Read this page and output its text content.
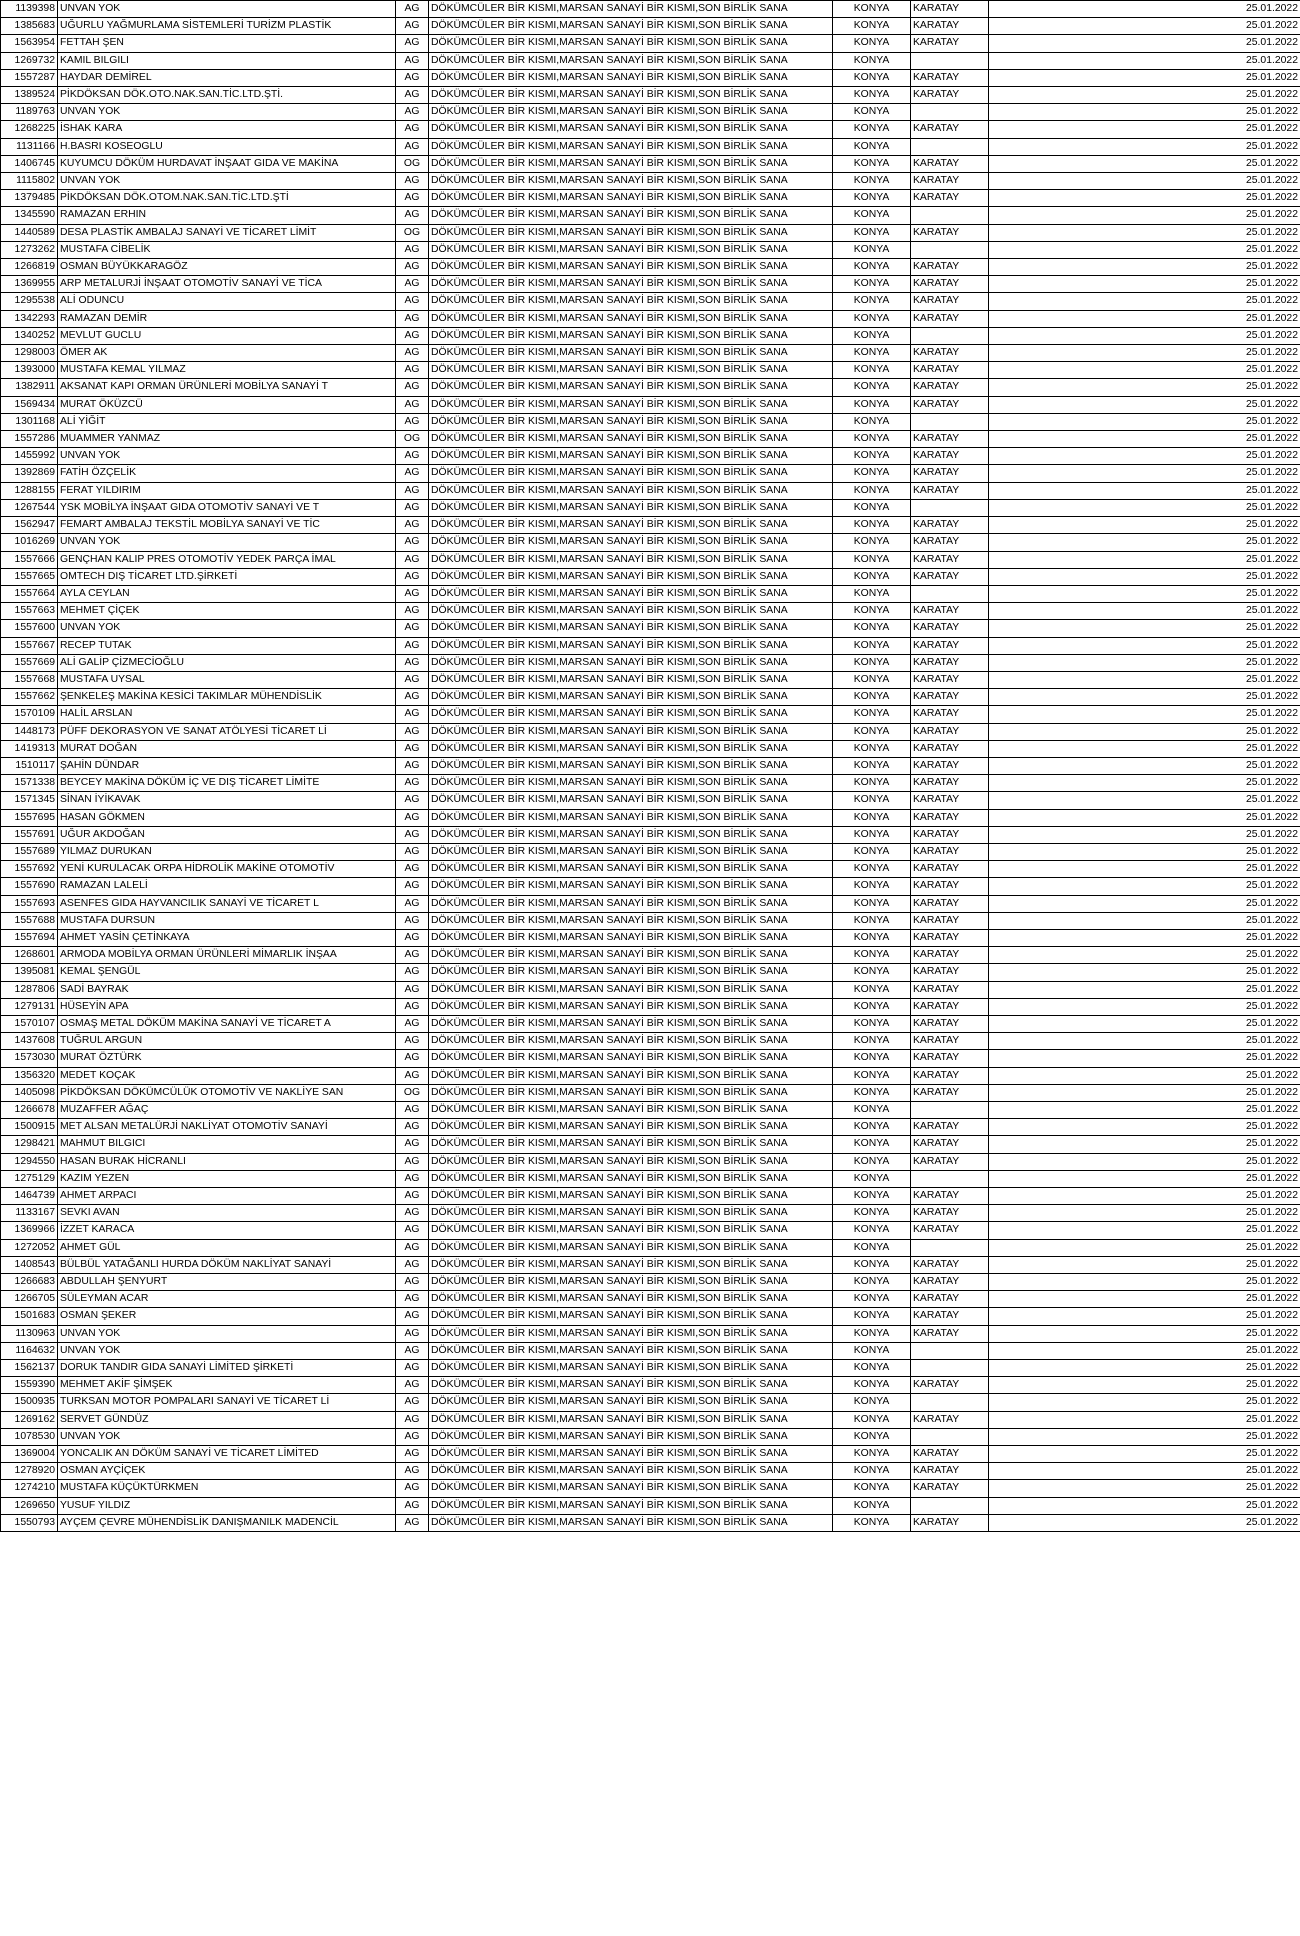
1139398	UNVAN YOK	AG	DÖKÜMCÜLER BİR KISMI,MARSAN SANAYİ BİR KISMI,SON BİRLİK SANA	KONYA	KARATAY	25.01.2022
1385683	UĞURLU YAĞMURLAMA SİSTEMLERİ TURİZM PLASTİK	AG	DÖKÜMCÜLER BİR KISMI,MARSAN SANAYİ BİR KISMI,SON BİRLİK SANA	KONYA	KARATAY	25.01.2022
1563954	FETTAH ŞEN	AG	DÖKÜMCÜLER BİR KISMI,MARSAN SANAYİ BİR KISMI,SON BİRLİK SANA	KONYA	KARATAY	25.01.2022
1269732	KAMIL BILGILI	AG	DÖKÜMCÜLER BİR KISMI,MARSAN SANAYİ BİR KISMI,SON BİRLİK SANA	KONYA		25.01.2022
1557287	HAYDAR DEMİREL	AG	DÖKÜMCÜLER BİR KISMI,MARSAN SANAYİ BİR KISMI,SON BİRLİK SANA	KONYA	KARATAY	25.01.2022
1389524	PİKDÖKSAN DÖK.OTO.NAK.SAN.TİC.LTD.ŞTİ.	AG	DÖKÜMCÜLER BİR KISMI,MARSAN SANAYİ BİR KISMI,SON BİRLİK SANA	KONYA	KARATAY	25.01.2022
1189763	UNVAN YOK	AG	DÖKÜMCÜLER BİR KISMI,MARSAN SANAYİ BİR KISMI,SON BİRLİK SANA	KONYA		25.01.2022
1268225	İSHAK KARA	AG	DÖKÜMCÜLER BİR KISMI,MARSAN SANAYİ BİR KISMI,SON BİRLİK SANA	KONYA	KARATAY	25.01.2022
1131166	H.BASRI KOSEOGLU	AG	DÖKÜMCÜLER BİR KISMI,MARSAN SANAYİ BİR KISMI,SON BİRLİK SANA	KONYA		25.01.2022
1406745	KUYUMCU DÖKÜM HURDAVAT İNŞAAT GIDA VE MAKİNA	OG	DÖKÜMCÜLER BİR KISMI,MARSAN SANAYİ BİR KISMI,SON BİRLİK SANA	KONYA	KARATAY	25.01.2022
1115802	UNVAN YOK	AG	DÖKÜMCÜLER BİR KISMI,MARSAN SANAYİ BİR KISMI,SON BİRLİK SANA	KONYA	KARATAY	25.01.2022
1379485	PİKDÖKSAN DÖK.OTOM.NAK.SAN.TİC.LTD.ŞTİ	AG	DÖKÜMCÜLER BİR KISMI,MARSAN SANAYİ BİR KISMI,SON BİRLİK SANA	KONYA	KARATAY	25.01.2022
1345590	RAMAZAN ERHIN	AG	DÖKÜMCÜLER BİR KISMI,MARSAN SANAYİ BİR KISMI,SON BİRLİK SANA	KONYA		25.01.2022
1440589	DESA PLASTİK AMBALAJ SANAYİ VE TİCARET LİMİT	OG	DÖKÜMCÜLER BİR KISMI,MARSAN SANAYİ BİR KISMI,SON BİRLİK SANA	KONYA	KARATAY	25.01.2022
1273262	MUSTAFA CİBELİK	AG	DÖKÜMCÜLER BİR KISMI,MARSAN SANAYİ BİR KISMI,SON BİRLİK SANA	KONYA		25.01.2022
1266819	OSMAN BÜYÜKKARAGÖZ	AG	DÖKÜMCÜLER BİR KISMI,MARSAN SANAYİ BİR KISMI,SON BİRLİK SANA	KONYA	KARATAY	25.01.2022
1369955	ARP METALURJİ İNŞAAT OTOMOTİV SANAYİ VE TİCA	AG	DÖKÜMCÜLER BİR KISMI,MARSAN SANAYİ BİR KISMI,SON BİRLİK SANA	KONYA	KARATAY	25.01.2022
1295538	ALİ ODUNCU	AG	DÖKÜMCÜLER BİR KISMI,MARSAN SANAYİ BİR KISMI,SON BİRLİK SANA	KONYA	KARATAY	25.01.2022
1342293	RAMAZAN DEMİR	AG	DÖKÜMCÜLER BİR KISMI,MARSAN SANAYİ BİR KISMI,SON BİRLİK SANA	KONYA	KARATAY	25.01.2022
1340252	MEVLUT GUCLU	AG	DÖKÜMCÜLER BİR KISMI,MARSAN SANAYİ BİR KISMI,SON BİRLİK SANA	KONYA		25.01.2022
1298003	ÖMER AK	AG	DÖKÜMCÜLER BİR KISMI,MARSAN SANAYİ BİR KISMI,SON BİRLİK SANA	KONYA	KARATAY	25.01.2022
1393000	MUSTAFA KEMAL YILMAZ	AG	DÖKÜMCÜLER BİR KISMI,MARSAN SANAYİ BİR KISMI,SON BİRLİK SANA	KONYA	KARATAY	25.01.2022
1382911	AKSANAT KAPI ORMAN ÜRÜNLERİ MOBİLYA SANAYİ T	AG	DÖKÜMCÜLER BİR KISMI,MARSAN SANAYİ BİR KISMI,SON BİRLİK SANA	KONYA	KARATAY	25.01.2022
1569434	MURAT ÖKÜZCÜ	AG	DÖKÜMCÜLER BİR KISMI,MARSAN SANAYİ BİR KISMI,SON BİRLİK SANA	KONYA	KARATAY	25.01.2022
1301168	ALİ YİĞİT	AG	DÖKÜMCÜLER BİR KISMI,MARSAN SANAYİ BİR KISMI,SON BİRLİK SANA	KONYA		25.01.2022
1557286	MUAMMER YANMAZ	OG	DÖKÜMCÜLER BİR KISMI,MARSAN SANAYİ BİR KISMI,SON BİRLİK SANA	KONYA	KARATAY	25.01.2022
1455992	UNVAN YOK	AG	DÖKÜMCÜLER BİR KISMI,MARSAN SANAYİ BİR KISMI,SON BİRLİK SANA	KONYA	KARATAY	25.01.2022
1392869	FATİH ÖZÇELİK	AG	DÖKÜMCÜLER BİR KISMI,MARSAN SANAYİ BİR KISMI,SON BİRLİK SANA	KONYA	KARATAY	25.01.2022
1288155	FERAT YILDIRIM	AG	DÖKÜMCÜLER BİR KISMI,MARSAN SANAYİ BİR KISMI,SON BİRLİK SANA	KONYA	KARATAY	25.01.2022
1267544	YSK MOBİLYA İNŞAAT GIDA OTOMOTİV SANAYİ VE T	AG	DÖKÜMCÜLER BİR KISMI,MARSAN SANAYİ BİR KISMI,SON BİRLİK SANA	KONYA		25.01.2022
1562947	FEMART AMBALAJ TEKSTİL MOBİLYA SANAYİ VE TİC	AG	DÖKÜMCÜLER BİR KISMI,MARSAN SANAYİ BİR KISMI,SON BİRLİK SANA	KONYA	KARATAY	25.01.2022
1016269	UNVAN YOK	AG	DÖKÜMCÜLER BİR KISMI,MARSAN SANAYİ BİR KISMI,SON BİRLİK SANA	KONYA	KARATAY	25.01.2022
1557666	GENÇHAN KALIP PRES OTOMOTİV YEDEK PARÇA İMAL	AG	DÖKÜMCÜLER BİR KISMI,MARSAN SANAYİ BİR KISMI,SON BİRLİK SANA	KONYA	KARATAY	25.01.2022
1557665	OMTECH DIŞ TİCARET LTD.ŞİRKETİ	AG	DÖKÜMCÜLER BİR KISMI,MARSAN SANAYİ BİR KISMI,SON BİRLİK SANA	KONYA	KARATAY	25.01.2022
1557664	AYLA CEYLAN	AG	DÖKÜMCÜLER BİR KISMI,MARSAN SANAYİ BİR KISMI,SON BİRLİK SANA	KONYA		25.01.2022
1557663	MEHMET ÇİÇEK	AG	DÖKÜMCÜLER BİR KISMI,MARSAN SANAYİ BİR KISMI,SON BİRLİK SANA	KONYA	KARATAY	25.01.2022
1557600	UNVAN YOK	AG	DÖKÜMCÜLER BİR KISMI,MARSAN SANAYİ BİR KISMI,SON BİRLİK SANA	KONYA	KARATAY	25.01.2022
1557667	RECEP TUTAK	AG	DÖKÜMCÜLER BİR KISMI,MARSAN SANAYİ BİR KISMI,SON BİRLİK SANA	KONYA	KARATAY	25.01.2022
1557669	ALİ GALİP ÇİZMECİOĞLU	AG	DÖKÜMCÜLER BİR KISMI,MARSAN SANAYİ BİR KISMI,SON BİRLİK SANA	KONYA	KARATAY	25.01.2022
1557668	MUSTAFA UYSAL	AG	DÖKÜMCÜLER BİR KISMI,MARSAN SANAYİ BİR KISMI,SON BİRLİK SANA	KONYA	KARATAY	25.01.2022
1557662	ŞENKELEŞ MAKİNA KESİCİ TAKIMLAR MÜHENDİSLİK	AG	DÖKÜMCÜLER BİR KISMI,MARSAN SANAYİ BİR KISMI,SON BİRLİK SANA	KONYA	KARATAY	25.01.2022
1570109	HALİL ARSLAN	AG	DÖKÜMCÜLER BİR KISMI,MARSAN SANAYİ BİR KISMI,SON BİRLİK SANA	KONYA	KARATAY	25.01.2022
1448173	PÜFF DEKORASYON VE SANAT ATÖLYESİ TİCARET Lİ	AG	DÖKÜMCÜLER BİR KISMI,MARSAN SANAYİ BİR KISMI,SON BİRLİK SANA	KONYA	KARATAY	25.01.2022
1419313	MURAT DOĞAN	AG	DÖKÜMCÜLER BİR KISMI,MARSAN SANAYİ BİR KISMI,SON BİRLİK SANA	KONYA	KARATAY	25.01.2022
1510117	ŞAHİN DÜNDAR	AG	DÖKÜMCÜLER BİR KISMI,MARSAN SANAYİ BİR KISMI,SON BİRLİK SANA	KONYA	KARATAY	25.01.2022
1571338	BEYCEY MAKİNA DÖKÜM İÇ VE DIŞ TİCARET LİMİTE	AG	DÖKÜMCÜLER BİR KISMI,MARSAN SANAYİ BİR KISMI,SON BİRLİK SANA	KONYA	KARATAY	25.01.2022
1571345	SİNAN İYİKAVAK	AG	DÖKÜMCÜLER BİR KISMI,MARSAN SANAYİ BİR KISMI,SON BİRLİK SANA	KONYA	KARATAY	25.01.2022
1557695	HASAN GÖKMEN	AG	DÖKÜMCÜLER BİR KISMI,MARSAN SANAYİ BİR KISMI,SON BİRLİK SANA	KONYA	KARATAY	25.01.2022
1557691	UĞUR AKDOĞAN	AG	DÖKÜMCÜLER BİR KISMI,MARSAN SANAYİ BİR KISMI,SON BİRLİK SANA	KONYA	KARATAY	25.01.2022
1557689	YILMAZ DURUKAN	AG	DÖKÜMCÜLER BİR KISMI,MARSAN SANAYİ BİR KISMI,SON BİRLİK SANA	KONYA	KARATAY	25.01.2022
1557692	YENİ KURULACAK ORPA HİDROLİK MAKİNE OTOMOTİV	AG	DÖKÜMCÜLER BİR KISMI,MARSAN SANAYİ BİR KISMI,SON BİRLİK SANA	KONYA	KARATAY	25.01.2022
1557690	RAMAZAN LALELİ	AG	DÖKÜMCÜLER BİR KISMI,MARSAN SANAYİ BİR KISMI,SON BİRLİK SANA	KONYA	KARATAY	25.01.2022
1557693	ASENFES GIDA HAYVANCILIK SANAYİ VE TİCARET L	AG	DÖKÜMCÜLER BİR KISMI,MARSAN SANAYİ BİR KISMI,SON BİRLİK SANA	KONYA	KARATAY	25.01.2022
1557688	MUSTAFA DURSUN	AG	DÖKÜMCÜLER BİR KISMI,MARSAN SANAYİ BİR KISMI,SON BİRLİK SANA	KONYA	KARATAY	25.01.2022
1557694	AHMET YASİN ÇETİNKAYA	AG	DÖKÜMCÜLER BİR KISMI,MARSAN SANAYİ BİR KISMI,SON BİRLİK SANA	KONYA	KARATAY	25.01.2022
1268601	ARMODA MOBİLYA ORMAN ÜRÜNLERİ MİMARLIK İNŞAA	AG	DÖKÜMCÜLER BİR KISMI,MARSAN SANAYİ BİR KISMI,SON BİRLİK SANA	KONYA	KARATAY	25.01.2022
1395081	KEMAL ŞENGÜL	AG	DÖKÜMCÜLER BİR KISMI,MARSAN SANAYİ BİR KISMI,SON BİRLİK SANA	KONYA	KARATAY	25.01.2022
1287806	SADİ BAYRAK	AG	DÖKÜMCÜLER BİR KISMI,MARSAN SANAYİ BİR KISMI,SON BİRLİK SANA	KONYA	KARATAY	25.01.2022
1279131	HÜSEYİN APA	AG	DÖKÜMCÜLER BİR KISMI,MARSAN SANAYİ BİR KISMI,SON BİRLİK SANA	KONYA	KARATAY	25.01.2022
1570107	OSMAŞ METAL DÖKÜM MAKİNA SANAYİ VE TİCARET A	AG	DÖKÜMCÜLER BİR KISMI,MARSAN SANAYİ BİR KISMI,SON BİRLİK SANA	KONYA	KARATAY	25.01.2022
1437608	TUĞRUL ARGUN	AG	DÖKÜMCÜLER BİR KISMI,MARSAN SANAYİ BİR KISMI,SON BİRLİK SANA	KONYA	KARATAY	25.01.2022
1573030	MURAT ÖZTÜRK	AG	DÖKÜMCÜLER BİR KISMI,MARSAN SANAYİ BİR KISMI,SON BİRLİK SANA	KONYA	KARATAY	25.01.2022
1356320	MEDET KOÇAK	AG	DÖKÜMCÜLER BİR KISMI,MARSAN SANAYİ BİR KISMI,SON BİRLİK SANA	KONYA	KARATAY	25.01.2022
1405098	PİKDÖKSAN DÖKÜMCÜLÜK OTOMOTİV VE NAKLİYE SAN	OG	DÖKÜMCÜLER BİR KISMI,MARSAN SANAYİ BİR KISMI,SON BİRLİK SANA	KONYA	KARATAY	25.01.2022
1266678	MUZAFFER AĞAÇ	AG	DÖKÜMCÜLER BİR KISMI,MARSAN SANAYİ BİR KISMI,SON BİRLİK SANA	KONYA		25.01.2022
1500915	MET ALSAN METALÜRJİ NAKLİYAT OTOMOTİV SANAYİ	AG	DÖKÜMCÜLER BİR KISMI,MARSAN SANAYİ BİR KISMI,SON BİRLİK SANA	KONYA	KARATAY	25.01.2022
1298421	MAHMUT BILGICI	AG	DÖKÜMCÜLER BİR KISMI,MARSAN SANAYİ BİR KISMI,SON BİRLİK SANA	KONYA	KARATAY	25.01.2022
1294550	HASAN BURAK HİCRANLI	AG	DÖKÜMCÜLER BİR KISMI,MARSAN SANAYİ BİR KISMI,SON BİRLİK SANA	KONYA	KARATAY	25.01.2022
1275129	KAZIM YEZEN	AG	DÖKÜMCÜLER BİR KISMI,MARSAN SANAYİ BİR KISMI,SON BİRLİK SANA	KONYA		25.01.2022
1464739	AHMET ARPACI	AG	DÖKÜMCÜLER BİR KISMI,MARSAN SANAYİ BİR KISMI,SON BİRLİK SANA	KONYA	KARATAY	25.01.2022
1133167	SEVKI AVAN	AG	DÖKÜMCÜLER BİR KISMI,MARSAN SANAYİ BİR KISMI,SON BİRLİK SANA	KONYA	KARATAY	25.01.2022
1369966	İZZET KARACA	AG	DÖKÜMCÜLER BİR KISMI,MARSAN SANAYİ BİR KISMI,SON BİRLİK SANA	KONYA	KARATAY	25.01.2022
1272052	AHMET GÜL	AG	DÖKÜMCÜLER BİR KISMI,MARSAN SANAYİ BİR KISMI,SON BİRLİK SANA	KONYA		25.01.2022
1408543	BÜLBÜL YATAĞANLI HURDA DÖKÜM NAKLİYAT SANAYİ	AG	DÖKÜMCÜLER BİR KISMI,MARSAN SANAYİ BİR KISMI,SON BİRLİK SANA	KONYA	KARATAY	25.01.2022
1266683	ABDULLAH ŞENYURT	AG	DÖKÜMCÜLER BİR KISMI,MARSAN SANAYİ BİR KISMI,SON BİRLİK SANA	KONYA	KARATAY	25.01.2022
1266705	SÜLEYMAN ACAR	AG	DÖKÜMCÜLER BİR KISMI,MARSAN SANAYİ BİR KISMI,SON BİRLİK SANA	KONYA	KARATAY	25.01.2022
1501683	OSMAN ŞEKER	AG	DÖKÜMCÜLER BİR KISMI,MARSAN SANAYİ BİR KISMI,SON BİRLİK SANA	KONYA	KARATAY	25.01.2022
1130963	UNVAN YOK	AG	DÖKÜMCÜLER BİR KISMI,MARSAN SANAYİ BİR KISMI,SON BİRLİK SANA	KONYA	KARATAY	25.01.2022
1164632	UNVAN YOK	AG	DÖKÜMCÜLER BİR KISMI,MARSAN SANAYİ BİR KISMI,SON BİRLİK SANA	KONYA		25.01.2022
1562137	DORUK TANDIR GIDA SANAYİ LİMİTED ŞİRKETİ	AG	DÖKÜMCÜLER BİR KISMI,MARSAN SANAYİ BİR KISMI,SON BİRLİK SANA	KONYA		25.01.2022
1559390	MEHMET AKİF ŞİMŞEK	AG	DÖKÜMCÜLER BİR KISMI,MARSAN SANAYİ BİR KISMI,SON BİRLİK SANA	KONYA	KARATAY	25.01.2022
1500935	TURKSAN MOTOR POMPALARI SANAYİ VE TİCARET Lİ	AG	DÖKÜMCÜLER BİR KISMI,MARSAN SANAYİ BİR KISMI,SON BİRLİK SANA	KONYA		25.01.2022
1269162	SERVET GÜNDÜZ	AG	DÖKÜMCÜLER BİR KISMI,MARSAN SANAYİ BİR KISMI,SON BİRLİK SANA	KONYA	KARATAY	25.01.2022
1078530	UNVAN YOK	AG	DÖKÜMCÜLER BİR KISMI,MARSAN SANAYİ BİR KISMI,SON BİRLİK SANA	KONYA		25.01.2022
1369004	YONCALIK AN DÖKÜM SANAYİ VE TİCARET LİMİTED	AG	DÖKÜMCÜLER BİR KISMI,MARSAN SANAYİ BİR KISMI,SON BİRLİK SANA	KONYA	KARATAY	25.01.2022
1278920	OSMAN AYÇİÇEK	AG	DÖKÜMCÜLER BİR KISMI,MARSAN SANAYİ BİR KISMI,SON BİRLİK SANA	KONYA	KARATAY	25.01.2022
1274210	MUSTAFA KÜÇÜKTÜRKMEN	AG	DÖKÜMCÜLER BİR KISMI,MARSAN SANAYİ BİR KISMI,SON BİRLİK SANA	KONYA	KARATAY	25.01.2022
1269650	YUSUF YILDIZ	AG	DÖKÜMCÜLER BİR KISMI,MARSAN SANAYİ BİR KISMI,SON BİRLİK SANA	KONYA		25.01.2022
1550793	AYÇEM ÇEVRE MÜHENDİSLİK DANIŞMANILK MADENCİL	AG	DÖKÜMCÜLER BİR KISMI,MARSAN SANAYİ BİR KISMI,SON BİRLİK SANA	KONYA	KARATAY	25.01.2022
